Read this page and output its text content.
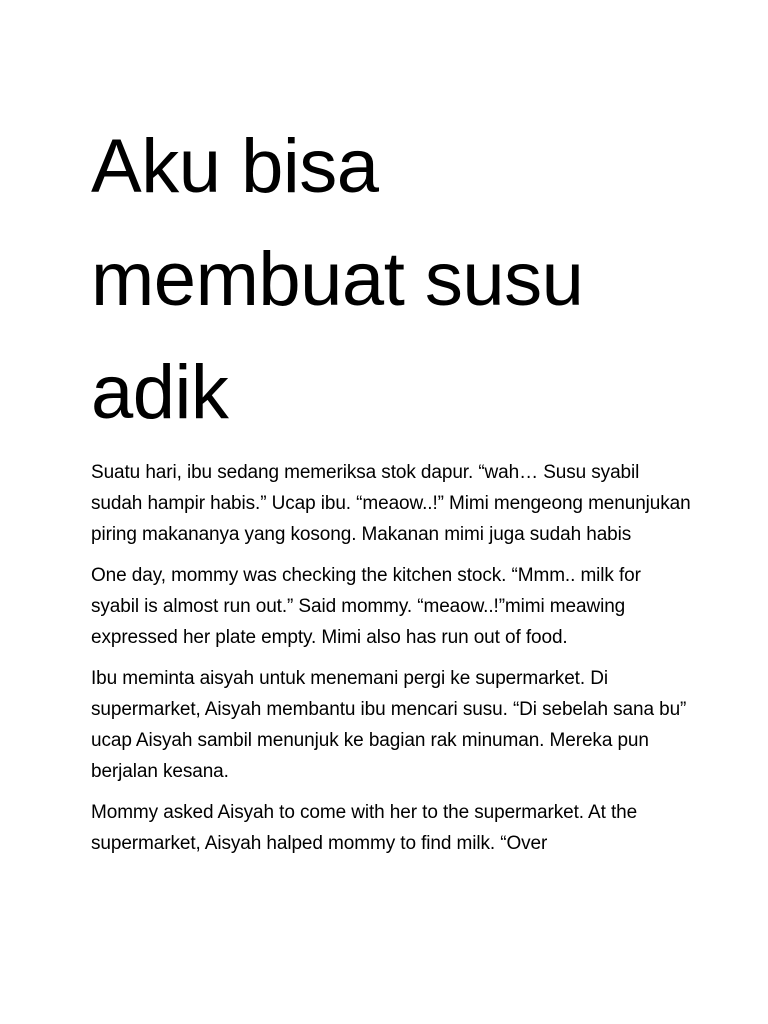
Aku bisa membuat susu adik

Suatu hari, ibu sedang memeriksa stok dapur. “wah… Susu syabil sudah hampir habis.” Ucap ibu. “meaow..!” Mimi mengeong menunjukan piring makananya yang kosong. Makanan mimi juga sudah habis

One day, mommy was checking the kitchen stock. “Mmm.. milk for syabil is almost run out.” Said mommy. “meaow..!”mimi meawing expressed her plate empty. Mimi also has run out of food.

Ibu meminta aisyah untuk menemani pergi ke supermarket. Di supermarket, Aisyah membantu ibu mencari susu. “Di sebelah sana bu” ucap Aisyah sambil menunjuk ke bagian rak minuman. Mereka pun berjalan kesana.

Mommy asked Aisyah to come with her to the supermarket. At the supermarket, Aisyah halped mommy to find milk. “Over
